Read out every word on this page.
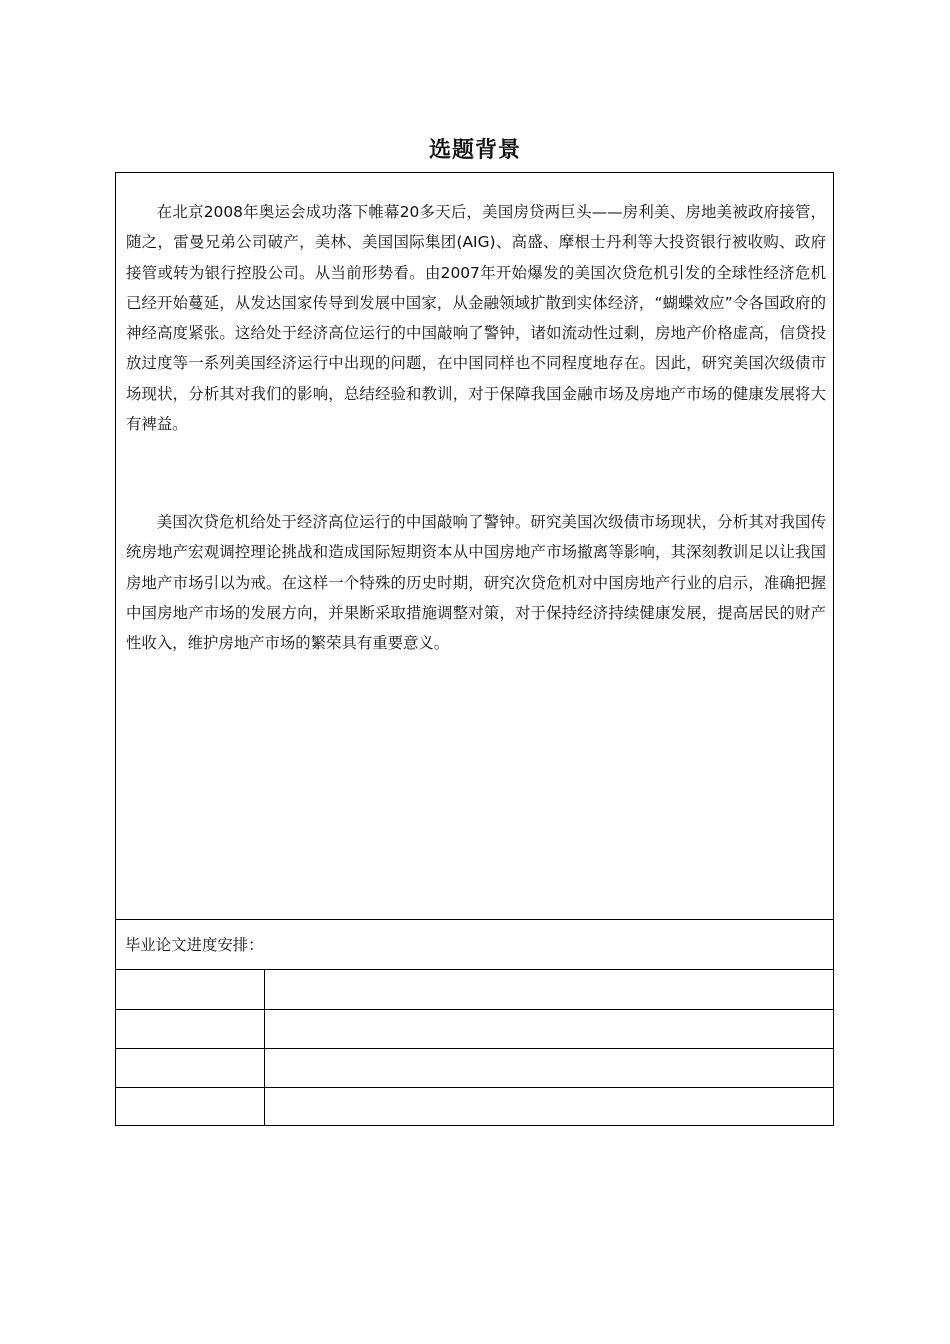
选题背景

在北京2008年奥运会成功落下帷幕20多天后，美国房贷两巨头——房利美、房地美被政府接管，随之，雷曼兄弟公司破产，美林、美国国际集团(AIG)、高盛、摩根士丹利等大投资银行被收购、政府接管或转为银行控股公司。从当前形势看。由2007年开始爆发的美国次贷危机引发的全球性经济危机已经开始蔓延，从发达国家传导到发展中国家，从金融领域扩散到实体经济，“蝴蝶效应”令各国政府的神经高度紧张。这给处于经济高位运行的中国敲响了警钟，诸如流动性过剩，房地产价格虚高，信贷投放过度等一系列美国经济运行中出现的问题，在中国同样也不同程度地存在。因此，研究美国次级债市场现状，分析其对我们的影响，总结经验和教训，对于保障我国金融市场及房地产市场的健康发展将大有裨益。

美国次贷危机给处于经济高位运行的中国敲响了警钟。研究美国次级债市场现状，分析其对我国传统房地产宏观调控理论挑战和造成国际短期资本从中国房地产市场撤离等影响，其深刻教训足以让我国房地产市场引以为戒。在这样一个特殊的历史时期，研究次贷危机对中国房地产行业的启示，准确把握中国房地产市场的发展方向，并果断采取措施调整对策，对于保持经济持续健康发展，提高居民的财产性收入，维护房地产市场的繁荣具有重要意义。

毕业论文进度安排：
